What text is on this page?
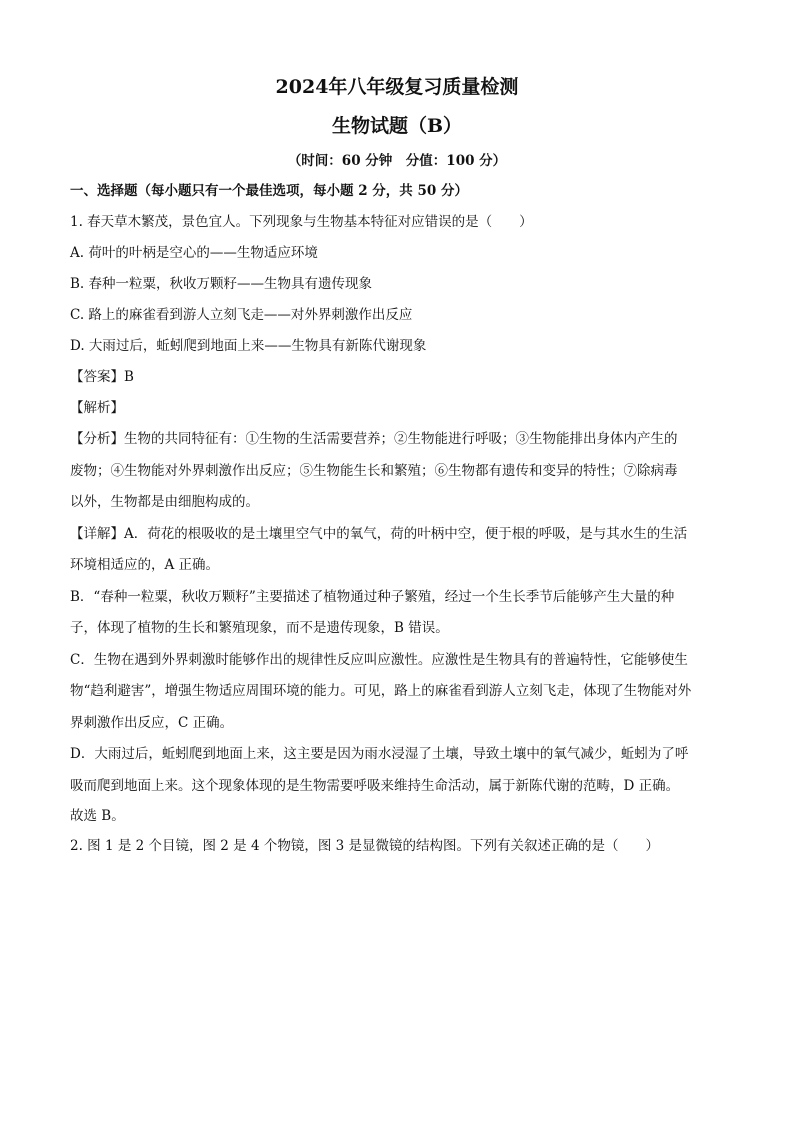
2024年八年级复习质量检测
生物试题（B）
（时间：60 分钟　分值：100 分）
一、选择题（每小题只有一个最佳选项，每小题 2 分，共 50 分）
1. 春天草木繁茂，景色宜人。下列现象与生物基本特征对应错误的是（　　）
A. 荷叶的叶柄是空心的——生物适应环境
B. 春种一粒粟，秋收万颗籽——生物具有遗传现象
C. 路上的麻雀看到游人立刻飞走——对外界刺激作出反应
D. 大雨过后，蚯蚓爬到地面上来——生物具有新陈代谢现象
【答案】B
【解析】
【分析】生物的共同特征有：①生物的生活需要营养；②生物能进行呼吸；③生物能排出身体内产生的
废物；④生物能对外界刺激作出反应；⑤生物能生长和繁殖；⑥生物都有遗传和变异的特性；⑦除病毒
以外，生物都是由细胞构成的。
【详解】A．荷花的根吸收的是土壤里空气中的氧气，荷的叶柄中空，便于根的呼吸，是与其水生的生活
环境相适应的，A 正确。
B．“春种一粒粟，秋收万颗籽”主要描述了植物通过种子繁殖，经过一个生长季节后能够产生大量的种
子，体现了植物的生长和繁殖现象，而不是遗传现象，B 错误。
C．生物在遇到外界刺激时能够作出的规律性反应叫应激性。应激性是生物具有的普遍特性，它能够使生
物“趋利避害”，增强生物适应周围环境的能力。可见，路上的麻雀看到游人立刻飞走，体现了生物能对外
界刺激作出反应，C 正确。
D．大雨过后，蚯蚓爬到地面上来，这主要是因为雨水浸湿了土壤，导致土壤中的氧气减少，蚯蚓为了呼
吸而爬到地面上来。这个现象体现的是生物需要呼吸来维持生命活动，属于新陈代谢的范畴，D 正确。
故选 B。
2. 图 1 是 2 个目镜，图 2 是 4 个物镜，图 3 是显微镜的结构图。下列有关叙述正确的是（　　）
